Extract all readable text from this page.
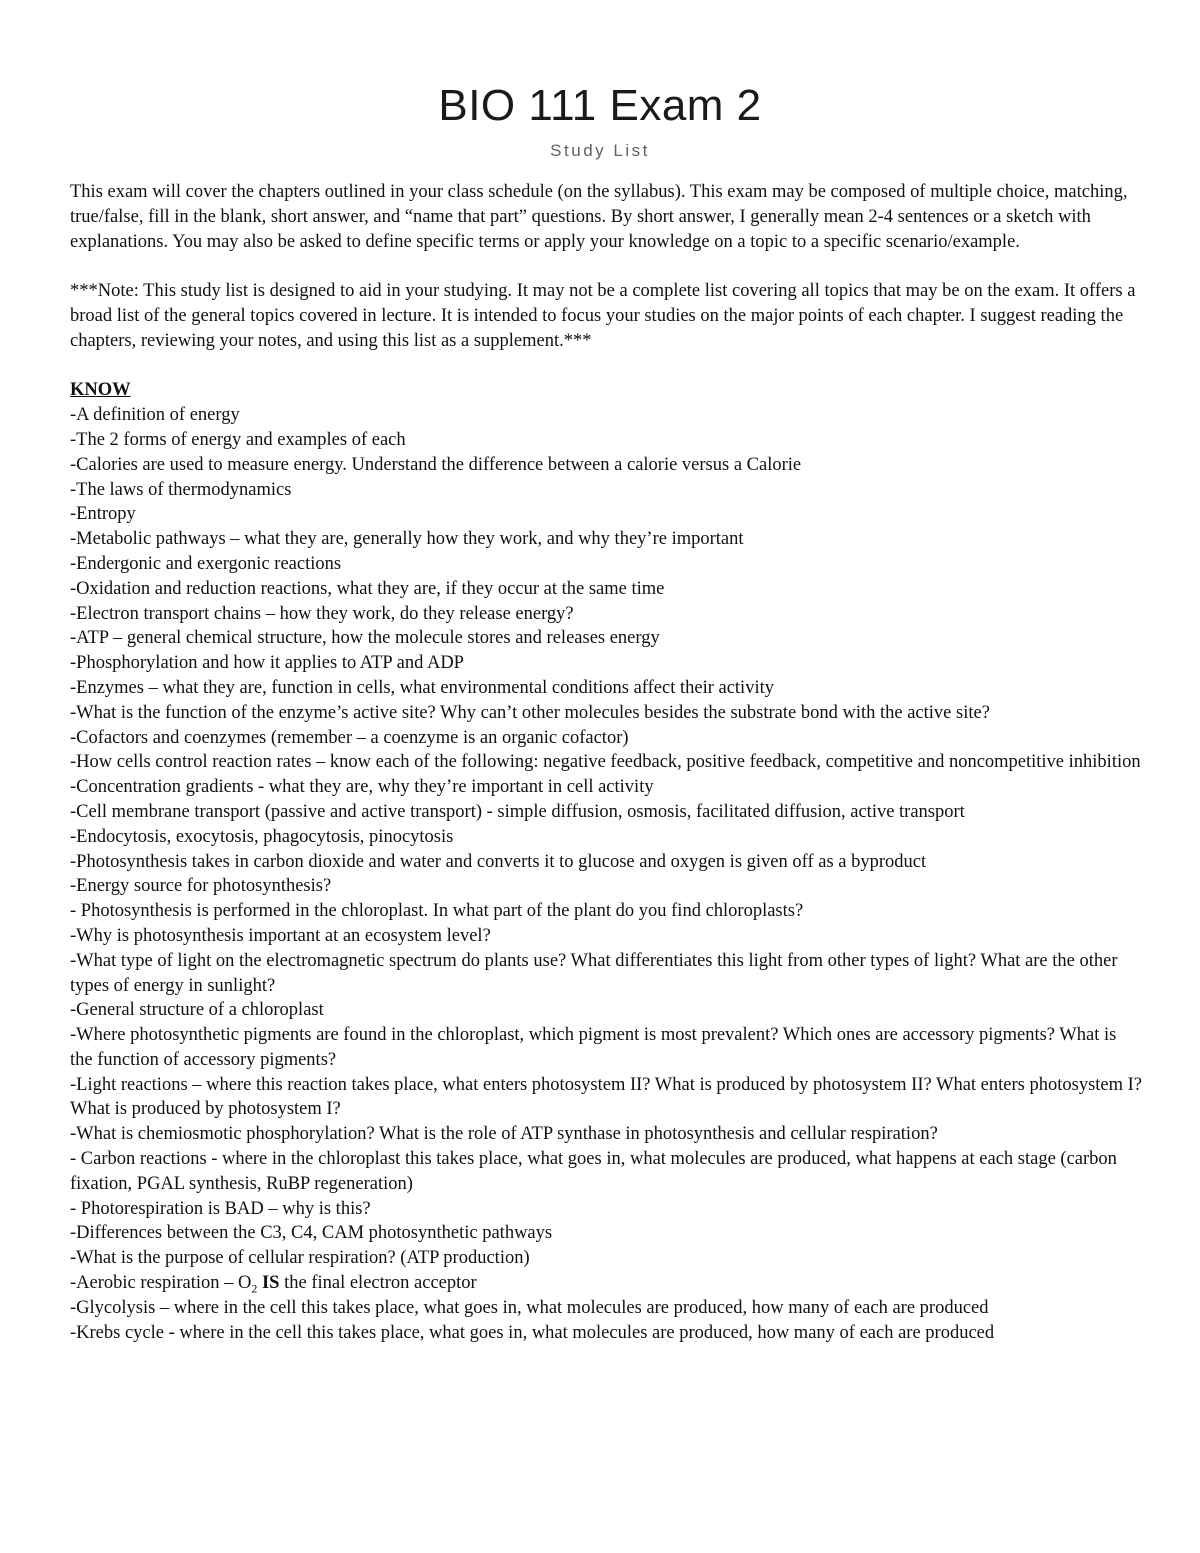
BIO 111 Exam 2
Study List

This exam will cover the chapters outlined in your class schedule (on the syllabus). This exam may be composed of multiple choice, matching, true/false, fill in the blank, short answer, and “name that part” questions. By short answer, I generally mean 2-4 sentences or a sketch with explanations. You may also be asked to define specific terms or apply your knowledge on a topic to a specific scenario/example.

***Note: This study list is designed to aid in your studying. It may not be a complete list covering all topics that may be on the exam. It offers a broad list of the general topics covered in lecture. It is intended to focus your studies on the major points of each chapter. I suggest reading the chapters, reviewing your notes, and using this list as a supplement.***

KNOW

-A definition of energy

-The 2 forms of energy and examples of each

-Calories are used to measure energy. Understand the difference between a calorie versus a Calorie

-The laws of thermodynamics

-Entropy

-Metabolic pathways – what they are, generally how they work, and why they’re important

-Endergonic and exergonic reactions

-Oxidation and reduction reactions, what they are, if they occur at the same time

-Electron transport chains – how they work, do they release energy?

-ATP – general chemical structure, how the molecule stores and releases energy

-Phosphorylation and how it applies to ATP and ADP

-Enzymes – what they are, function in cells, what environmental conditions affect their activity

-What is the function of the enzyme’s active site? Why can’t other molecules besides the substrate bond with the active site?

-Cofactors and coenzymes (remember – a coenzyme is an organic cofactor)

-How cells control reaction rates – know each of the following: negative feedback, positive feedback, competitive and noncompetitive inhibition

-Concentration gradients - what they are, why they’re important in cell activity

-Cell membrane transport (passive and active transport) - simple diffusion, osmosis, facilitated diffusion, active transport

-Endocytosis, exocytosis, phagocytosis, pinocytosis

-Photosynthesis takes in carbon dioxide and water and converts it to glucose and oxygen is given off as a byproduct

-Energy source for photosynthesis?

- Photosynthesis is performed in the chloroplast. In what part of the plant do you find chloroplasts?

-Why is photosynthesis important at an ecosystem level?

-What type of light on the electromagnetic spectrum do plants use? What differentiates this light from other types of light? What are the other types of energy in sunlight?

-General structure of a chloroplast

-Where photosynthetic pigments are found in the chloroplast, which pigment is most prevalent? Which ones are accessory pigments? What is the function of accessory pigments?

-Light reactions – where this reaction takes place, what enters photosystem II? What is produced by photosystem II? What enters photosystem I? What is produced by photosystem I?

-What is chemiosmotic phosphorylation? What is the role of ATP synthase in photosynthesis and cellular respiration?

- Carbon reactions - where in the chloroplast this takes place, what goes in, what molecules are produced, what happens at each stage (carbon fixation, PGAL synthesis, RuBP regeneration)

- Photorespiration is BAD – why is this?

-Differences between the C3, C4, CAM photosynthetic pathways

-What is the purpose of cellular respiration? (ATP production)

-Aerobic respiration – $O_2$ IS the final electron acceptor

-Glycolysis – where in the cell this takes place, what goes in, what molecules are produced, how many of each are produced

-Krebs cycle - where in the cell this takes place, what goes in, what molecules are produced, how many of each are produced
